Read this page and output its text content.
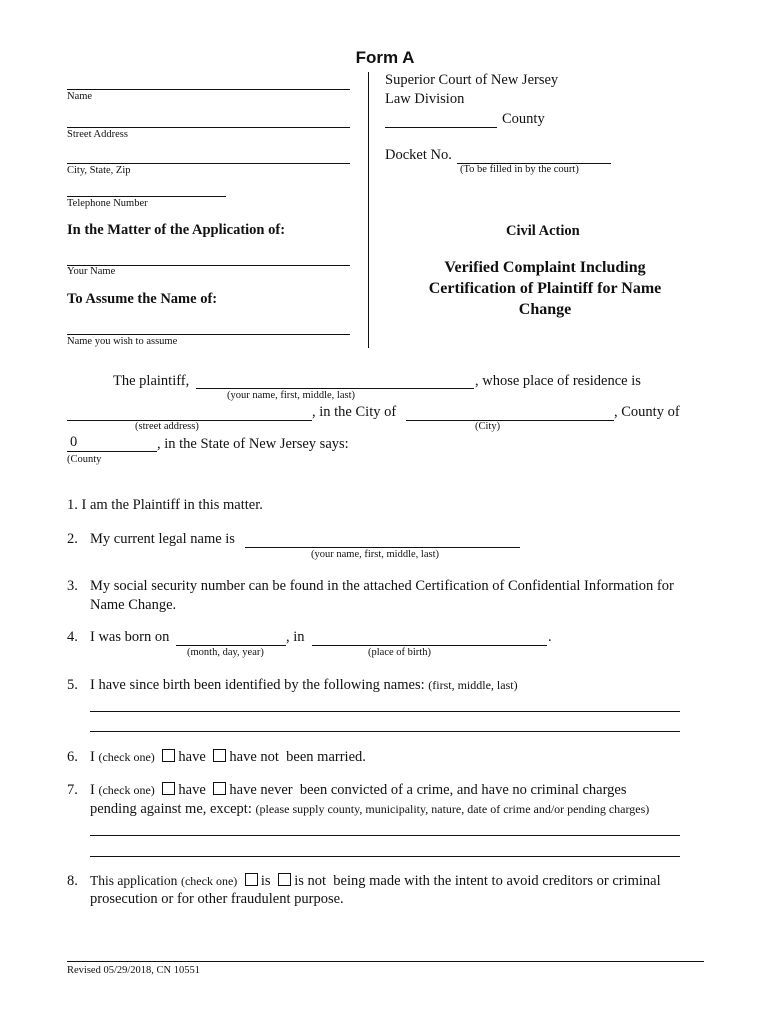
Form A
Name
Street Address
City, State, Zip
Telephone Number
In the Matter of the Application of:
Your Name
To Assume the Name of:
Name you wish to assume
Superior Court of New Jersey
Law Division
County
Docket No.
(To be filled in by the court)
Civil Action
Verified Complaint Including
Certification of Plaintiff for Name
Change
The plaintiff,	, whose place of residence is
(your name, first, middle, last)
, in the City of	, County of
(street address)	(City)
0	, in the State of New Jersey says:
(County
1. I am the Plaintiff in this matter.
2. My current legal name is
(your name, first, middle, last)
3. My social security number can be found in the attached Certification of Confidential Information for
Name Change.
4. I was born on	, in	.
(month, day, year)	(place of birth)
5. I have since birth been identified by the following names: (first, middle, last)
6. I (check one) have have not been married.
7. I (check one) have have never been convicted of a crime, and have no criminal charges
pending against me, except: (please supply county, municipality, nature, date of crime and/or pending charges)
8. This application (check one) is is not being made with the intent to avoid creditors or criminal
prosecution or for other fraudulent purpose.
Revised 05/29/2018, CN 10551
